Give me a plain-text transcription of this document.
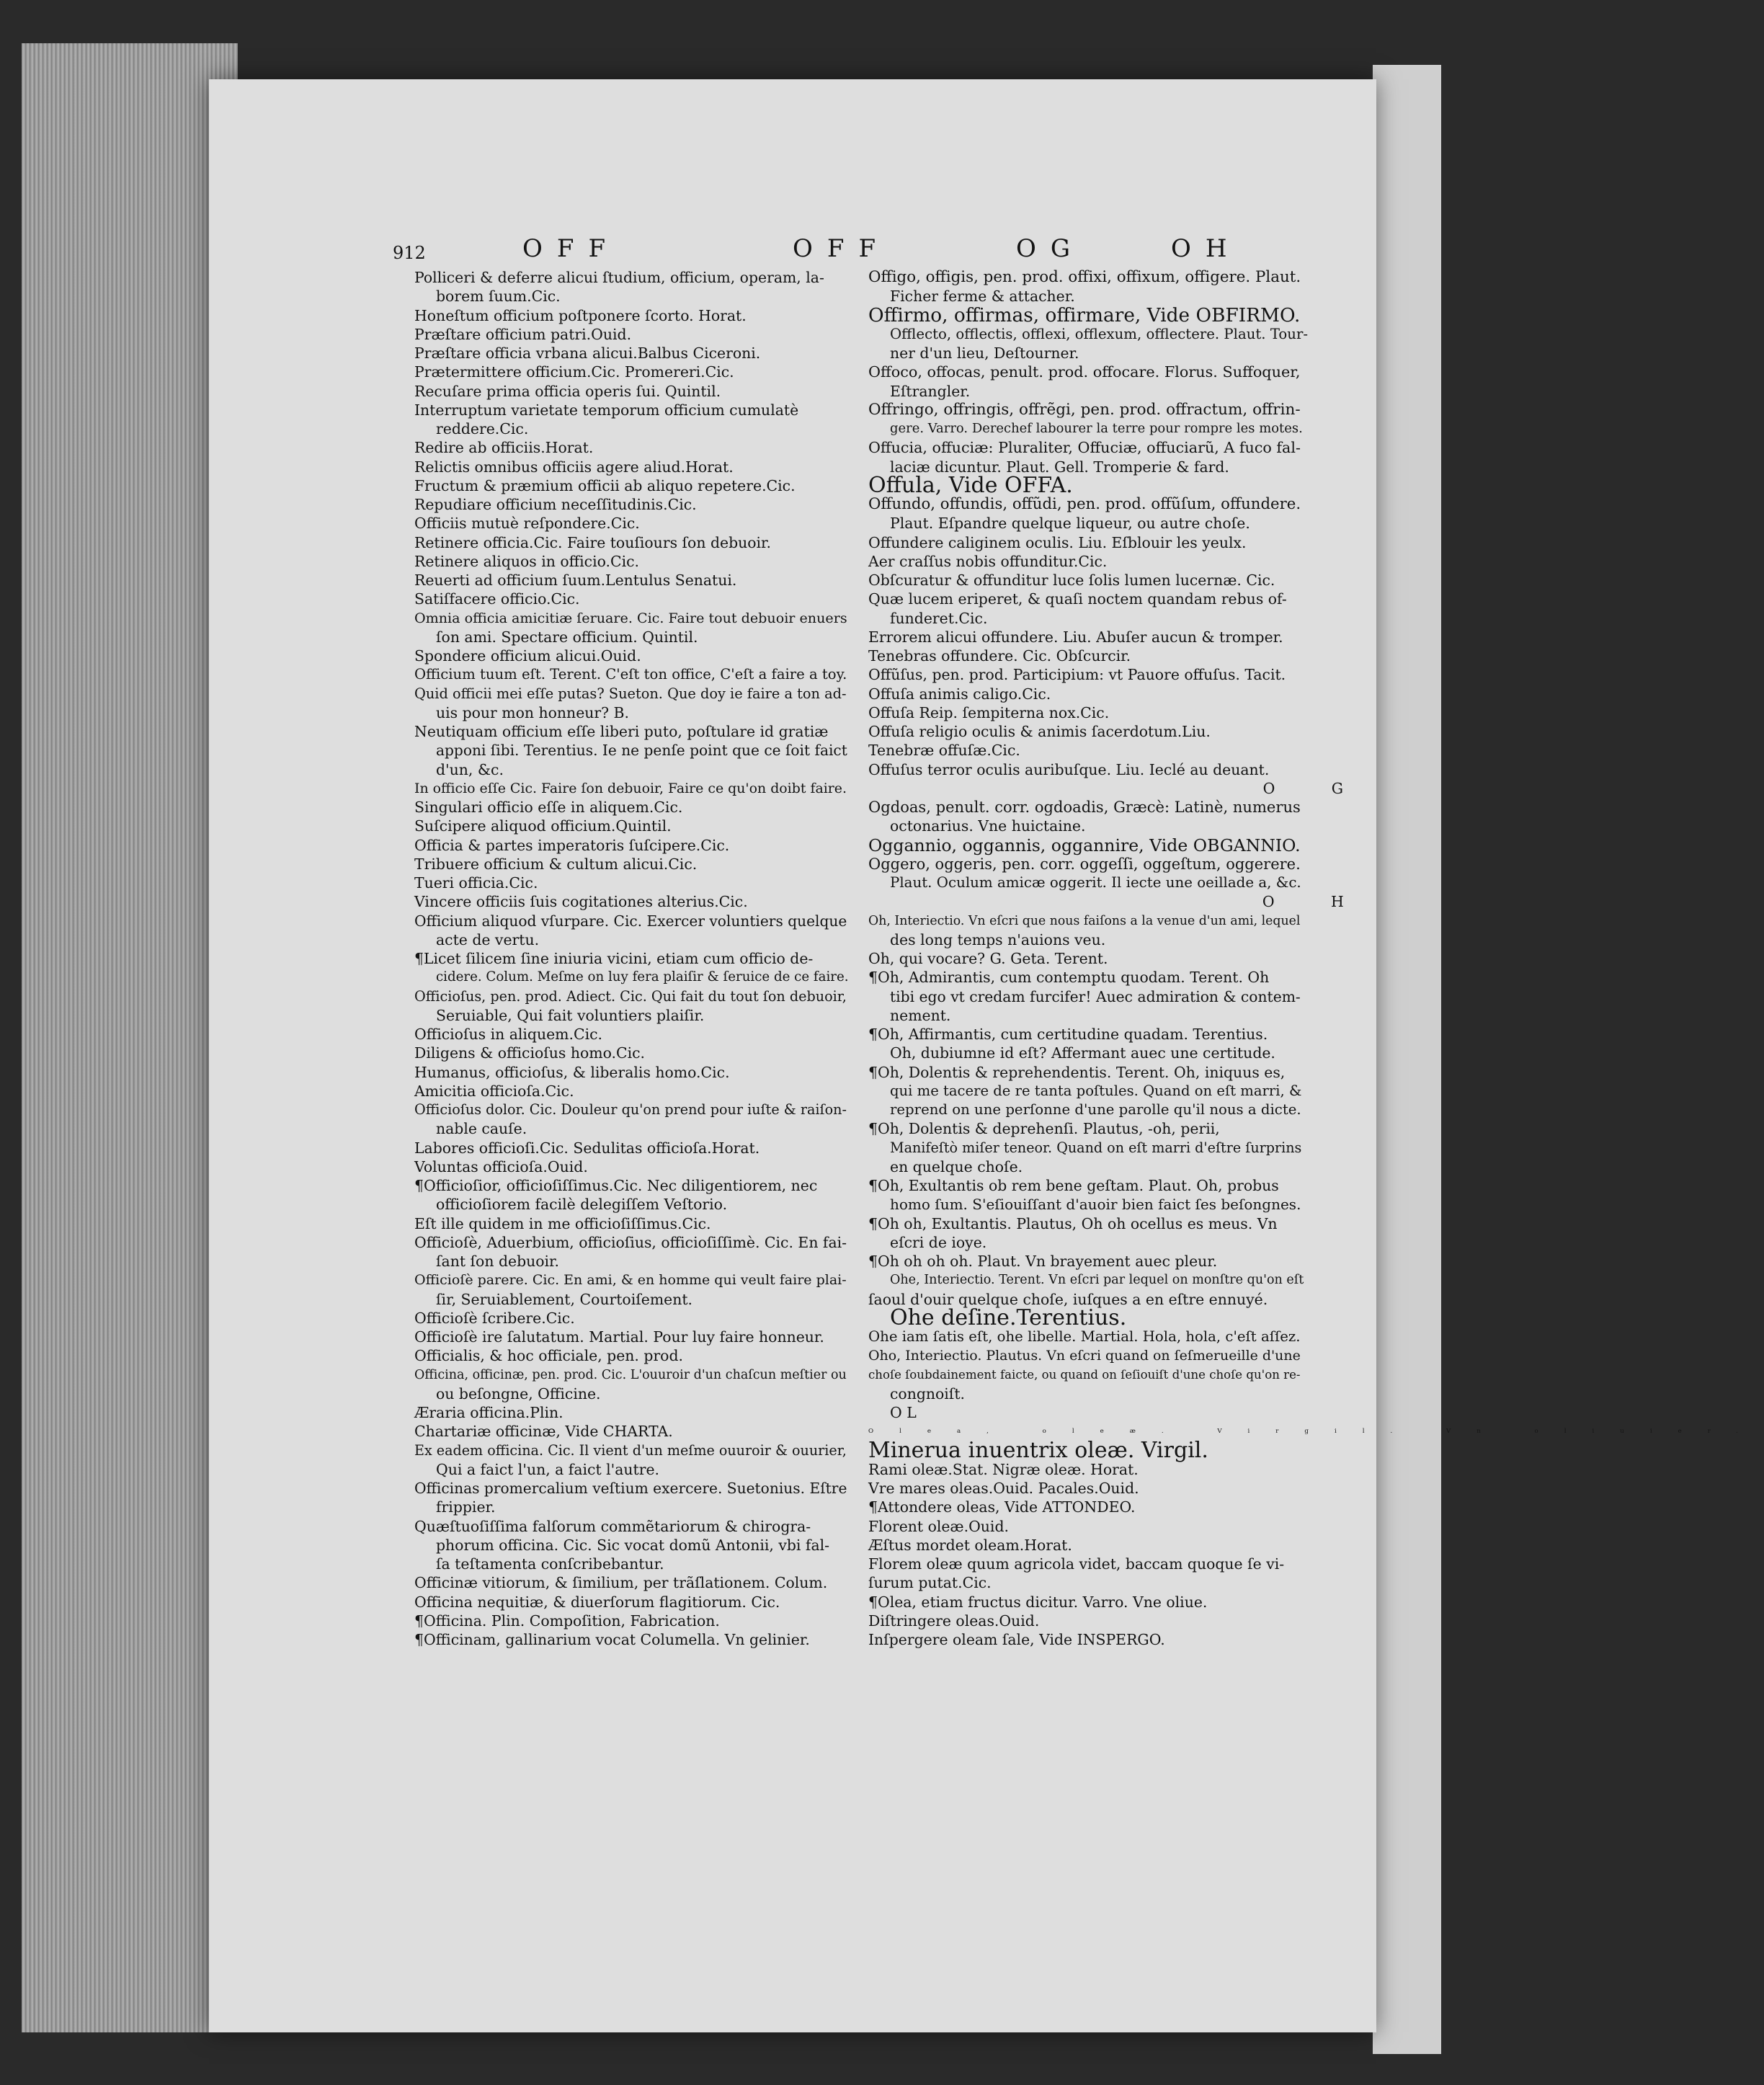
912	OFF	OFF	OG	OH
Polliceri & deferre alicui ſtudium, officium, operam, la-
borem ſuum.Cic.
Honeſtum officium poſtponere ſcorto. Horat.
Præſtare officium patri.Ouid.
Præſtare officia vrbana alicui.Balbus Ciceroni.
Prætermittere officium.Cic. Promereri.Cic.
Recuſare prima officia operis ſui. Quintil.
Interruptum varietate temporum officium cumulatè
reddere.Cic.
Redire ab officiis.Horat.
Relictis omnibus officiis agere aliud.Horat.
Fructum & præmium officii ab aliquo repetere.Cic.
Repudiare officium neceſſitudinis.Cic.
Officiis mutuè reſpondere.Cic.
Retinere officia.Cic. Faire touſiours ſon debuoir.
Retinere aliquos in officio.Cic.
Reuerti ad officium ſuum.Lentulus Senatui.
Satiſfacere officio.Cic.
Omnia officia amicitiæ ſeruare. Cic. Faire tout debuoir enuers
ſon ami. Spectare officium. Quintil.
Spondere officium alicui.Ouid.
Officium tuum eſt. Terent. C'eſt ton office, C'eſt a faire a toy.
Quid officii mei eſſe putas? Sueton. Que doy ie faire a ton ad-
uis pour mon honneur? B.
Neutiquam officium eſſe liberi puto, poſtulare id gratiæ
apponi ſibi. Terentius. Ie ne penſe point que ce ſoit faict
d'un, &c.
In officio eſſe Cic. Faire ſon debuoir, Faire ce qu'on doibt faire.
Singulari officio eſſe in aliquem.Cic.
Suſcipere aliquod officium.Quintil.
Officia & partes imperatoris ſuſcipere.Cic.
Tribuere officium & cultum alicui.Cic.
Tueri officia.Cic.
Vincere officiis ſuis cogitationes alterius.Cic.
Officium aliquod vſurpare. Cic. Exercer voluntiers quelque
acte de vertu.
¶Licet ſilicem ſine iniuria vicini, etiam cum officio de-
cidere. Colum. Meſme on luy fera plaiſir & ſeruice de ce faire.
Officioſus, pen. prod. Adiect. Cic. Qui fait du tout ſon debuoir,
Seruiable, Qui fait voluntiers plaiſir.
Officioſus in aliquem.Cic.
Diligens & officioſus homo.Cic.
Humanus, officioſus, & liberalis homo.Cic.
Amicitia officioſa.Cic.
Officioſus dolor. Cic. Douleur qu'on prend pour iuſte & raiſon-
nable cauſe.
Labores officioſi.Cic. Sedulitas officioſa.Horat.
Voluntas officioſa.Ouid.
¶Officioſior, officioſiſſimus.Cic. Nec diligentiorem, nec
officioſiorem facilè delegiſſem Veſtorio.
Eſt ille quidem in me officioſiſſimus.Cic.
Officioſè, Aduerbium, officioſius, officioſiſſimè. Cic. En fai-
ſant ſon debuoir.
Officioſè parere. Cic. En ami, & en homme qui veult faire plai-
ſir, Seruiablement, Courtoiſement.
Officioſè ſcribere.Cic.
Officioſè ire ſalutatum. Martial. Pour luy faire honneur.
Officialis, & hoc officiale, pen. prod.
Officina, officinæ, pen. prod. Cic. L'ouuroir d'un chaſcun meſtier ou
ou beſongne, Officine.
Æraria officina.Plin.
Chartariæ officinæ, Vide CHARTA.
Ex eadem officina. Cic. Il vient d'un meſme ouuroir & ouurier,
Qui a faict l'un, a faict l'autre.
Officinas promercalium veſtium exercere. Suetonius. Eſtre
frippier.
Quæſtuoſiſſima falſorum commẽtariorum & chirogra-
phorum officina. Cic. Sic vocat domũ Antonii, vbi fal-
ſa teſtamenta conſcribebantur.
Officinæ vitiorum, & ſimilium, per trãſlationem. Colum.
Officina nequitiæ, & diuerſorum flagitiorum. Cic.
¶Officina. Plin. Compoſition, Fabrication.
¶Officinam, gallinarium vocat Columella. Vn gelinier.
Offigo, offigis, pen. prod. offixi, offixum, offigere. Plaut.
Ficher ferme & attacher.
Offirmo, offirmas, offirmare, Vide OBFIRMO.
Offlecto, offlectis, offlexi, offlexum, offlectere. Plaut. Tour-
ner d'un lieu, Deſtourner.
Offoco, offocas, penult. prod. offocare. Florus. Suffoquer,
Eſtrangler.
Offringo, offringis, offrẽgi, pen. prod. offractum, offrin-
gere. Varro. Derechef labourer la terre pour rompre les motes.
Offucia, offuciæ: Pluraliter, Offuciæ, offuciarũ, A fuco fal-
laciæ dicuntur. Plaut. Gell. Tromperie & fard.
Offula, Vide OFFA.
Offundo, offundis, offũdi, pen. prod. offũſum, offundere.
Plaut. Eſpandre quelque liqueur, ou autre choſe.
Offundere caliginem oculis. Liu. Eſblouir les yeulx.
Aer craſſus nobis offunditur.Cic.
Obſcuratur & offunditur luce ſolis lumen lucernæ. Cic.
Quæ lucem eriperet, & quaſi noctem quandam rebus of-
funderet.Cic.
Errorem alicui offundere. Liu. Abuſer aucun & tromper.
Tenebras offundere. Cic. Obſcurcir.
Offũſus, pen. prod. Participium: vt Pauore offuſus. Tacit.
Offuſa animis caligo.Cic.
Offuſa Reip. ſempiterna nox.Cic.
Offuſa religio oculis & animis ſacerdotum.Liu.
Tenebræ offuſæ.Cic.
Offuſus terror oculis auribuſque. Liu. Ieclé au deuant.
O G
Ogdoas, penult. corr. ogdoadis, Græcè: Latinè, numerus
octonarius. Vne huictaine.
Oggannio, oggannis, oggannire, Vide OBGANNIO.
Oggero, oggeris, pen. corr. oggeſſi, oggeſtum, oggerere.
Plaut. Oculum amicæ oggerit. Il iecte une oeillade a, &c.
O H
Oh, Interiectio. Vn eſcri que nous faiſons a la venue d'un ami, lequel
des long temps n'auions veu.
Oh, qui vocare? G. Geta. Terent.
¶Oh, Admirantis, cum contemptu quodam. Terent. Oh
tibi ego vt credam furcifer! Auec admiration & contem-
nement.
¶Oh, Affirmantis, cum certitudine quadam. Terentius.
Oh, dubiumne id eſt? Affermant auec une certitude.
¶Oh, Dolentis & reprehendentis. Terent. Oh, iniquus es,
qui me tacere de re tanta poſtules. Quand on eſt marri, &
reprend on une perſonne d'une parolle qu'il nous a dicte.
¶Oh, Dolentis & deprehenſi. Plautus, -oh, perii,
Manifeſtò miſer teneor. Quand on eſt marri d'eſtre ſurprins
en quelque choſe.
¶Oh, Exultantis ob rem bene geſtam. Plaut. Oh, probus
homo ſum. S'eſiouiſſant d'auoir bien faict ſes beſongnes.
¶Oh oh, Exultantis. Plautus, Oh oh ocellus es meus. Vn
eſcri de ioye.
¶Oh oh oh oh. Plaut. Vn brayement auec pleur.
Ohe, Interiectio. Terent. Vn eſcri par lequel on monſtre qu'on eſt
ſaoul d'ouir quelque choſe, iuſques a en eſtre ennuyé.
Ohe deſine.Terentius.
Ohe iam ſatis eſt, ohe libelle. Martial. Hola, hola, c'eſt aſſez.
Oho, Interiectio. Plautus. Vn eſcri quand on ſeſmerueille d'une
choſe ſoubdainement faicte, ou quand on ſeſiouiſt d'une choſe qu'on re-
congnoiſt.
O L
Olea, oleæ. Virgil. Vn oliuier.
Minerua inuentrix oleæ. Virgil.
Rami oleæ.Stat. Nigræ oleæ. Horat.
Vre mares oleas.Ouid. Pacales.Ouid.
¶Attondere oleas, Vide ATTONDEO.
Florent oleæ.Ouid.
Æſtus mordet oleam.Horat.
Florem oleæ quum agricola videt, baccam quoque ſe vi-
ſurum putat.Cic.
¶Olea, etiam fructus dicitur. Varro. Vne oliue.
Diſtringere oleas.Ouid.
Inſpergere oleam ſale, Vide INSPERGO.
